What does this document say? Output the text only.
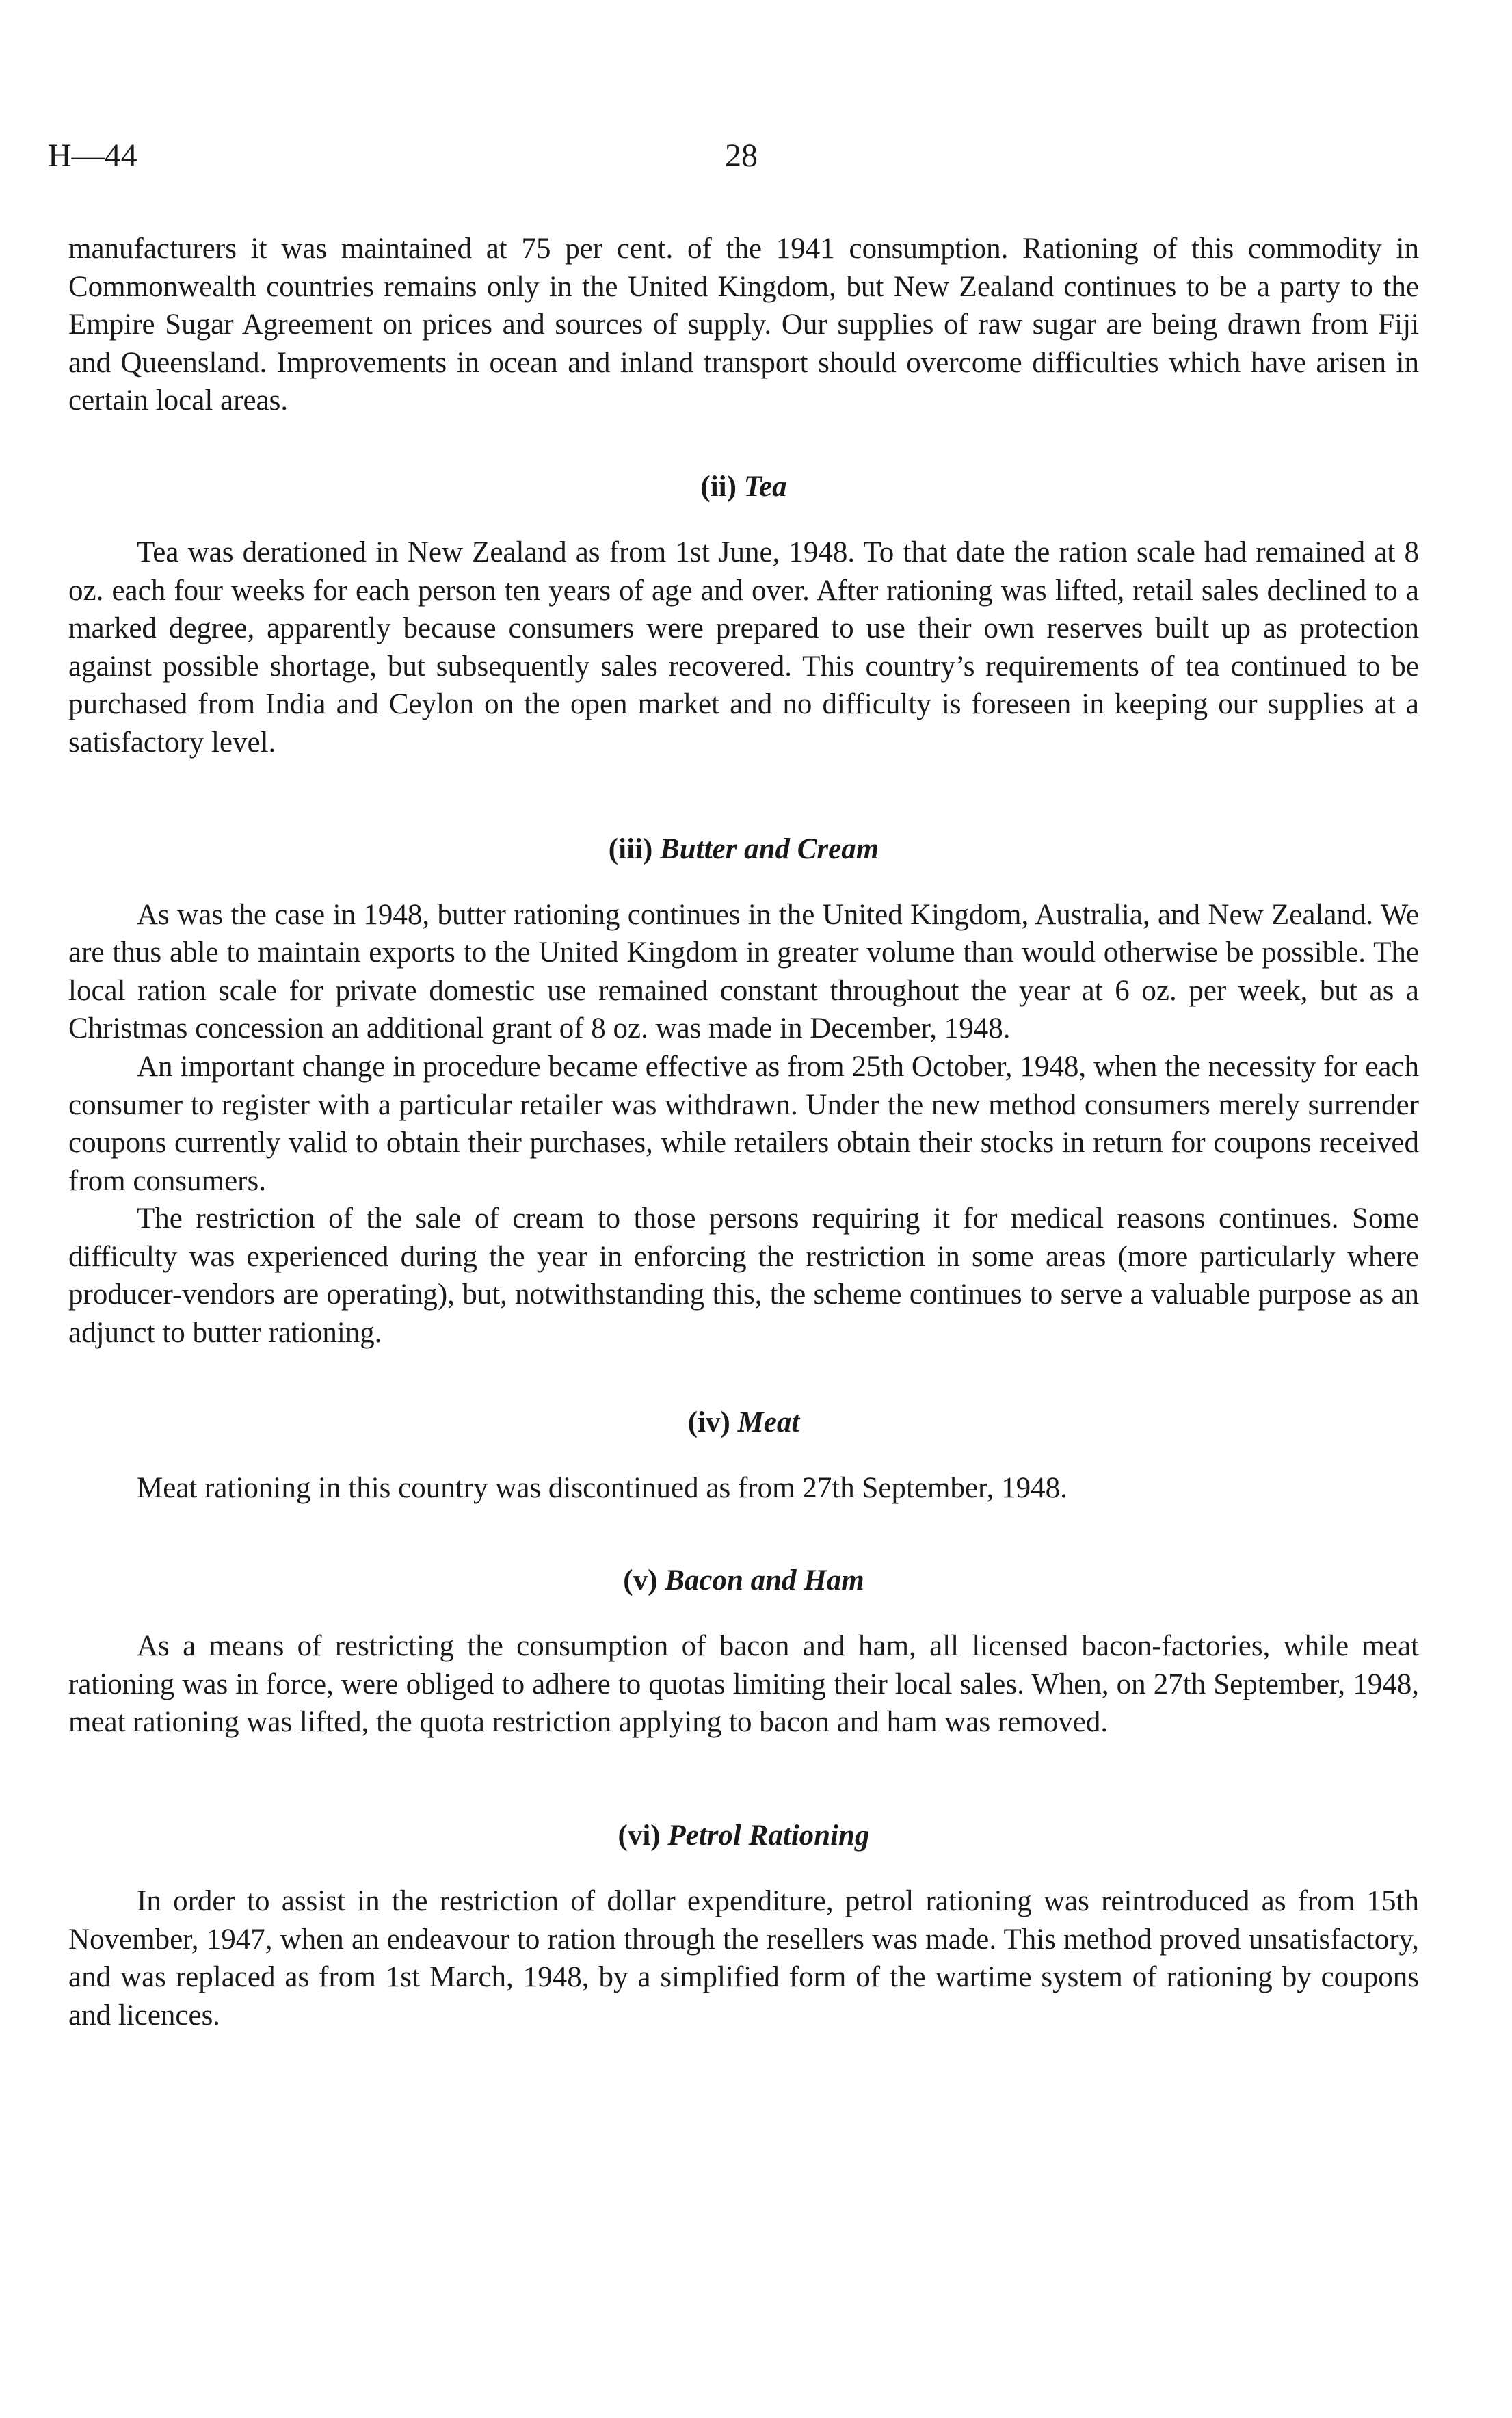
H—44	28

manufacturers it was maintained at 75 per cent. of the 1941 consumption. Rationing of this commodity in Commonwealth countries remains only in the United Kingdom, but New Zealand continues to be a party to the Empire Sugar Agreement on prices and sources of supply. Our supplies of raw sugar are being drawn from Fiji and Queensland. Improvements in ocean and inland transport should overcome difficulties which have arisen in certain local areas.

(ii) Tea

Tea was derationed in New Zealand as from 1st June, 1948. To that date the ration scale had remained at 8 oz. each four weeks for each person ten years of age and over. After rationing was lifted, retail sales declined to a marked degree, apparently because consumers were prepared to use their own reserves built up as protection against possible shortage, but subsequently sales recovered. This country’s requirements of tea continued to be purchased from India and Ceylon on the open market and no difficulty is foreseen in keeping our supplies at a satisfactory level.

(iii) Butter and Cream

As was the case in 1948, butter rationing continues in the United Kingdom, Australia, and New Zealand. We are thus able to maintain exports to the United Kingdom in greater volume than would otherwise be possible. The local ration scale for private domestic use remained constant throughout the year at 6 oz. per week, but as a Christmas concession an additional grant of 8 oz. was made in December, 1948.

An important change in procedure became effective as from 25th October, 1948, when the necessity for each consumer to register with a particular retailer was withdrawn. Under the new method consumers merely surrender coupons currently valid to obtain their purchases, while retailers obtain their stocks in return for coupons received from consumers.

The restriction of the sale of cream to those persons requiring it for medical reasons continues. Some difficulty was experienced during the year in enforcing the restriction in some areas (more particularly where producer-vendors are operating), but, notwithstanding this, the scheme continues to serve a valuable purpose as an adjunct to butter rationing.

(iv) Meat

Meat rationing in this country was discontinued as from 27th September, 1948.

(v) Bacon and Ham

As a means of restricting the consumption of bacon and ham, all licensed bacon-factories, while meat rationing was in force, were obliged to adhere to quotas limiting their local sales. When, on 27th September, 1948, meat rationing was lifted, the quota restriction applying to bacon and ham was removed.

(vi) Petrol Rationing

In order to assist in the restriction of dollar expenditure, petrol rationing was reintroduced as from 15th November, 1947, when an endeavour to ration through the resellers was made. This method proved unsatisfactory, and was replaced as from 1st March, 1948, by a simplified form of the wartime system of rationing by coupons and licences.
